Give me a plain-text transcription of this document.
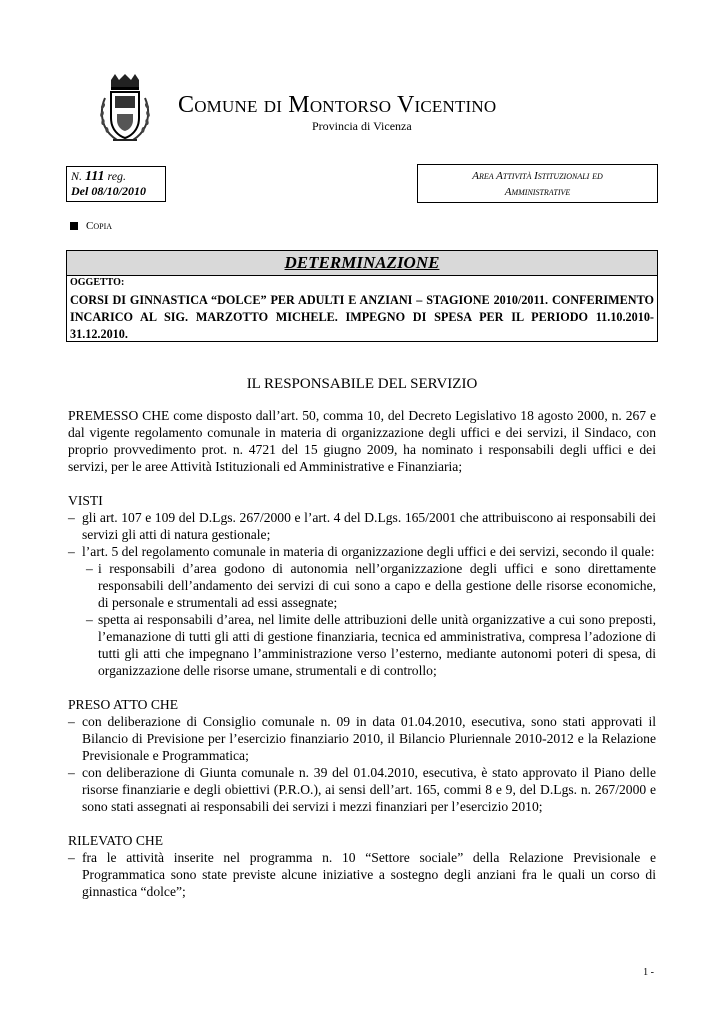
Comune di Montorso Vicentino
Provincia di Vicenza
N. 111 reg.
Del 08/10/2010
Area Attività Istituzionali ed
Amministrative
Copia
DETERMINAZIONE
OGGETTO:
CORSI DI GINNASTICA “DOLCE” PER ADULTI E ANZIANI – STAGIONE 2010/2011. CONFERIMENTO INCARICO AL SIG. MARZOTTO MICHELE. IMPEGNO DI SPESA PER IL PERIODO 11.10.2010-31.12.2010.
IL RESPONSABILE DEL SERVIZIO

PREMESSO CHE come disposto dall’art. 50, comma 10, del Decreto Legislativo 18 agosto 2000, n. 267 e dal vigente regolamento comunale in materia di organizzazione degli uffici e dei servizi, il Sindaco, con proprio provvedimento prot. n. 4721 del 15 giugno 2009, ha nominato i responsabili degli uffici e dei servizi, per le aree Attività Istituzionali ed Amministrative e Finanziaria;

VISTI

– gli art. 107 e 109 del D.Lgs. 267/2000 e l’art. 4 del D.Lgs. 165/2001 che attribuiscono ai responsabili dei servizi gli atti di natura gestionale;
– l’art. 5 del regolamento comunale in materia di organizzazione degli uffici e dei servizi, secondo il quale:
– i responsabili d’area godono di autonomia nell’organizzazione degli uffici e sono direttamente responsabili dell’andamento dei servizi di cui sono a capo e della gestione delle risorse economiche, di personale e strumentali ad essi assegnate;
– spetta ai responsabili d’area, nel limite delle attribuzioni delle unità organizzative a cui sono preposti, l’emanazione di tutti gli atti di gestione finanziaria, tecnica ed amministrativa, compresa l’adozione di tutti gli atti che impegnano l’amministrazione verso l’esterno, mediante autonomi poteri di spesa, di organizzazione delle risorse umane, strumentali e di controllo;

PRESO ATTO CHE

– con deliberazione di Consiglio comunale n. 09 in data 01.04.2010, esecutiva, sono stati approvati il Bilancio di Previsione per l’esercizio finanziario 2010, il Bilancio Pluriennale 2010-2012 e la Relazione Previsionale e Programmatica;
– con deliberazione di Giunta comunale n. 39 del 01.04.2010, esecutiva, è stato approvato il Piano delle risorse finanziarie e degli obiettivi (P.R.O.), ai sensi dell’art. 165, commi 8 e 9, del D.Lgs. n. 267/2000 e sono stati assegnati ai responsabili dei servizi i mezzi finanziari per l’esercizio 2010;

RILEVATO CHE

– fra le attività inserite nel programma n. 10 “Settore sociale” della Relazione Previsionale e Programmatica sono state previste alcune iniziative a sostegno degli anziani fra le quali un corso di ginnastica “dolce”;
1 -
